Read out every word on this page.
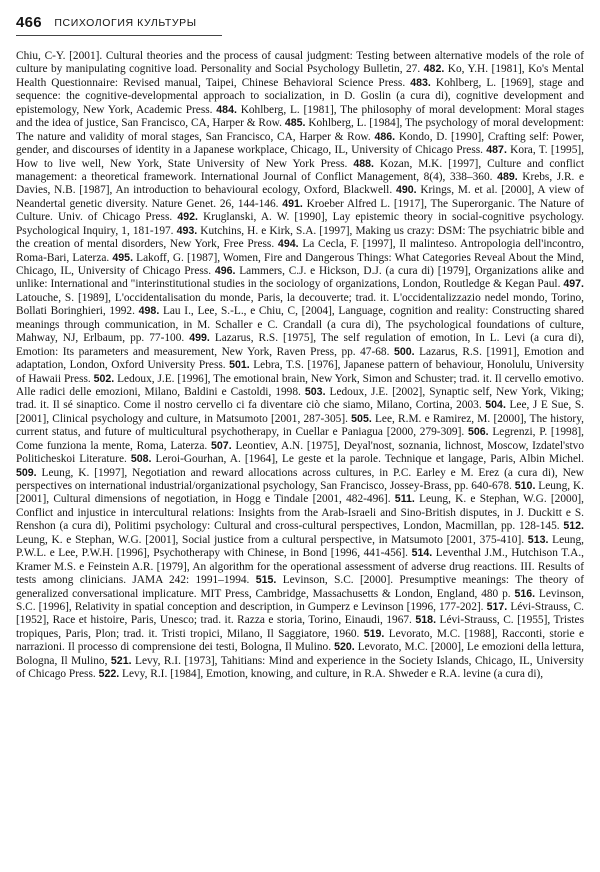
466 ПСИХОЛОГИЯ КУЛЬТУРЫ
Chiu, C-Y. [2001]. Cultural theories and the process of causal judgment: Testing between alternative models of the role of culture by manipulating cognitive load. Personality and Social Psychology Bulletin, 27. 482. Ko, Y.H. [1981], Ko's Mental Health Questionnaire: Revised manual, Taipei, Chinese Behavioral Science Press. 483. Kohlberg, L. [1969], stage and sequence: the cognitive-developmental approach to socialization, in D. Goslin (a cura di), cognitive development and epistemology, New York, Academic Press. 484. Kohlberg, L. [1981], The philosophy of moral development: Moral stages and the idea of justice, San Francisco, CA, Harper & Row. 485. Kohlberg, L. [1984], The psychology of moral development: The nature and validity of moral stages, San Francisco, CA, Harper & Row. 486. Kondo, D. [1990], Crafting self: Power, gender, and discourses of identity in a Japanese workplace, Chicago, IL, University of Chicago Press. 487. Kora, T. [1995], How to live well, New York, State University of New York Press. 488. Kozan, M.K. [1997], Culture and conflict management: a theoretical framework. International Journal of Conflict Management, 8(4), 338–360. 489. Krebs, J.R. e Davies, N.B. [1987], An introduction to behavioural ecology, Oxford, Blackwell. 490. Krings, M. et al. [2000], A view of Neandertal genetic diversity. Nature Genet. 26, 144-146. 491. Kroeber Alfred L. [1917], The Superorganic. The Nature of Culture. Univ. of Chicago Press. 492. Kruglanski, A. W. [1990], Lay epistemic theory in social-cognitive psychology. Psychological Inquiry, 1, 181-197. 493. Kutchins, H. e Kirk, S.A. [1997], Making us crazy: DSM: The psychiatric bible and the creation of mental disorders, New York, Free Press. 494. La Cecla, F. [1997], Il malinteso. Antropologia dell'incontro, Roma-Bari, Laterza. 495. Lakoff, G. [1987], Women, Fire and Dangerous Things: What Categories Reveal About the Mind, Chicago, IL, University of Chicago Press. 496. Lammers, C.J. e Hickson, D.J. (a cura di) [1979], Organizations alike and unlike: International and "interinstitutional studies in the sociology of organizations, London, Routledge & Kegan Paul. 497. Latouche, S. [1989], L'occidentalisation du monde, Paris, la decouverte; trad. it. L'occidentalizzazio nedel mondo, Torino, Bollati Boringhieri, 1992. 498. Lau I., Lee, S.-L., e Chiu, C, [2004], Language, cognition and reality: Constructing shared meanings through communication, in M. Schaller e C. Crandall (a cura di), The psychological foundations of culture, Mahway, NJ, Erlbaum, pp. 77-100. 499. Lazarus, R.S. [1975], The self regulation of emotion, In L. Levi (a cura di), Emotion: Its parameters and measurement, New York, Raven Press, pp. 47-68. 500. Lazarus, R.S. [1991], Emotion and adaptation, London, Oxford University Press. 501. Lebra, T.S. [1976], Japanese pattern of behaviour, Honolulu, University of Hawaii Press. 502. Ledoux, J.E. [1996], The emotional brain, New York, Simon and Schuster; trad. it. Il cervello emotivo. Alle radici delle emozioni, Milano, Baldini e Castoldi, 1998. 503. Ledoux, J.E. [2002], Synaptic self, New York, Viking; trad. it. Il sé sinaptico. Come il nostro cervello ci fa diventare ciò che siamo, Milano, Cortina, 2003. 504. Lee, J E Sue, S. [2001], Clinical psychology and culture, in Matsumoto [2001, 287-305]. 505. Lee, R.M. e Ramirez, M. [2000], The history, current status, and future of multicultural psychotherapy, in Cuellar e Paniagua [2000, 279-309]. 506. Legrenzi, P. [1998], Come funziona la mente, Roma, Laterza. 507. Leontiev, A.N. [1975], Deyal'nost, soznania, lichnost, Moscow, Izdatel'stvo Politicheskoi Literature. 508. Leroi-Gourhan, A. [1964], Le geste et la parole. Technique et langage, Paris, Albin Michel. 509. Leung, K. [1997], Negotiation and reward allocations across cultures, in P.C. Earley e M. Erez (a cura di), New perspectives on international industrial/organizational psychology, San Francisco, Jossey-Brass, pp. 640-678. 510. Leung, K. [2001], Cultural dimensions of negotiation, in Hogg e Tindale [2001, 482-496]. 511. Leung, K. e Stephan, W.G. [2000], Conflict and injustice in intercultural relations: Insights from the Arab-Israeli and Sino-British disputes, in J. Duckitt e S. Renshon (a cura di), Politimi psychology: Cultural and cross-cultural perspectives, London, Macmillan, pp. 128-145. 512. Leung, K. e Stephan, W.G. [2001], Social justice from a cultural perspective, in Matsumoto [2001, 375-410]. 513. Leung, P.W.L. e Lee, P.W.H. [1996], Psychotherapy with Chinese, in Bond [1996, 441-456]. 514. Leventhal J.M., Hutchison T.A., Kramer M.S. e Feinstein A.R. [1979], An algorithm for the operational assessment of adverse drug reactions. III. Results of tests among clinicians. JAMA 242: 1991–1994. 515. Levinson, S.C. [2000]. Presumptive meanings: The theory of generalized conversational implicature. MIT Press, Cambridge, Massachusetts & London, England, 480 p. 516. Levinson, S.C. [1996], Relativity in spatial conception and description, in Gumperz e Levinson [1996, 177-202]. 517. Lévi-Strauss, C. [1952], Race et histoire, Paris, Unesco; trad. it. Razza e storia, Torino, Einaudi, 1967. 518. Lévi-Strauss, C. [1955], Tristes tropiques, Paris, Plon; trad. it. Tristi tropici, Milano, Il Saggiatore, 1960. 519. Levorato, M.C. [1988], Racconti, storie e narrazioni. Il processo di comprensione dei testi, Bologna, Il Mulino. 520. Levorato, M.C. [2000], Le emozioni della lettura, Bologna, Il Mulino, 521. Levy, R.I. [1973], Tahitians: Mind and experience in the Society Islands, Chicago, IL, University of Chicago Press. 522. Levy, R.I. [1984], Emotion, knowing, and culture, in R.A. Shweder e R.A. levine (a cura di),
